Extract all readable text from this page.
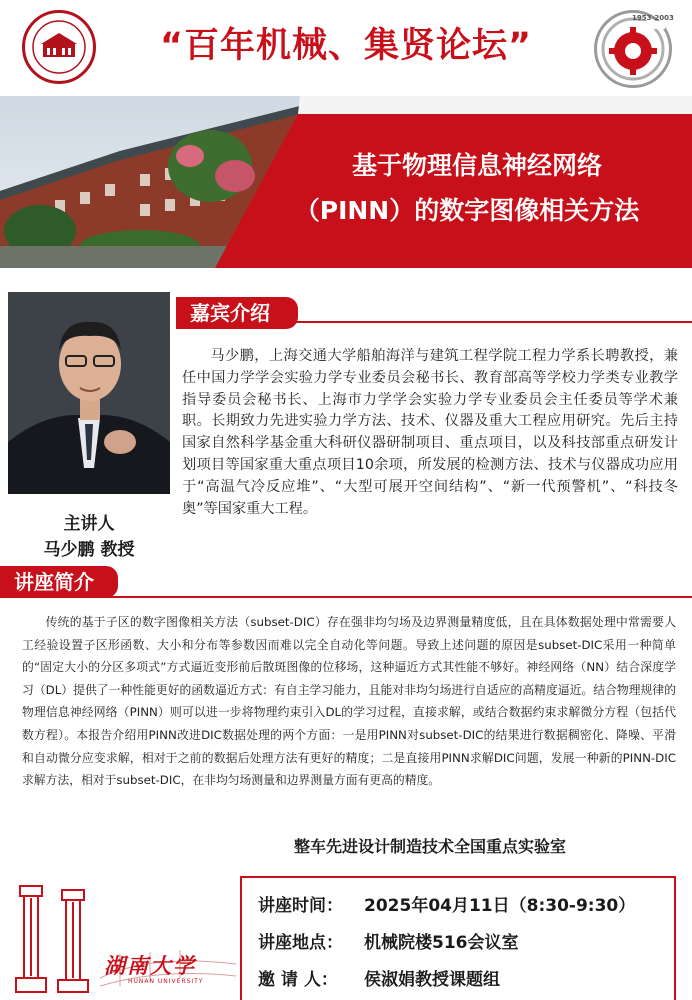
“百年机械、集贤论坛”
1953-2003
基于物理信息神经网络
（PINN）的数字图像相关方法
主讲人
马少鹏 教授
嘉宾介绍
马少鹏，上海交通大学船舶海洋与建筑工程学院工程力学系长聘教授，兼任中国力学学会实验力学专业委员会秘书长、教育部高等学校力学类专业教学指导委员会秘书长、上海市力学学会实验力学专业委员会主任委员等学术兼职。长期致力先进实验力学方法、技术、仪器及重大工程应用研究。先后主持国家自然科学基金重大科研仪器研制项目、重点项目，以及科技部重点研发计划项目等国家重大重点项目10余项，所发展的检测方法、技术与仪器成功应用于“高温气冷反应堆”、“大型可展开空间结构”、“新一代预警机”、“科技冬奥”等国家重大工程。
讲座简介
传统的基于子区的数字图像相关方法（subset-DIC）存在强非均匀场及边界测量精度低，且在具体数据处理中常需要人工经验设置子区形函数、大小和分布等参数因而难以完全自动化等问题。导致上述问题的原因是subset-DIC采用一种简单的“固定大小的分区多项式”方式逼近变形前后散斑图像的位移场，这种逼近方式其性能不够好。神经网络（NN）结合深度学习（DL）提供了一种性能更好的函数逼近方式：有自主学习能力，且能对非均匀场进行自适应的高精度逼近。结合物理规律的物理信息神经网络（PINN）则可以进一步将物理约束引入DL的学习过程，直接求解，或结合数据约束求解微分方程（包括代数方程）。本报告介绍用PINN改进DIC数据处理的两个方面：一是用PINN对subset-DIC的结果进行数据稠密化、降噪、平滑和自动微分应变求解，相对于之前的数据后处理方法有更好的精度；二是直接用PINN求解DIC问题，发展一种新的PINN-DIC求解方法，相对于subset-DIC，在非均匀场测量和边界测量方面有更高的精度。
整车先进设计制造技术全国重点实验室
湖南大学
HUNAN UNIVERSITY
讲座时间： 2025年04月11日（8:30-9:30）
讲座地点： 机械院楼516会议室
邀 请 人： 侯淑娟教授课题组
